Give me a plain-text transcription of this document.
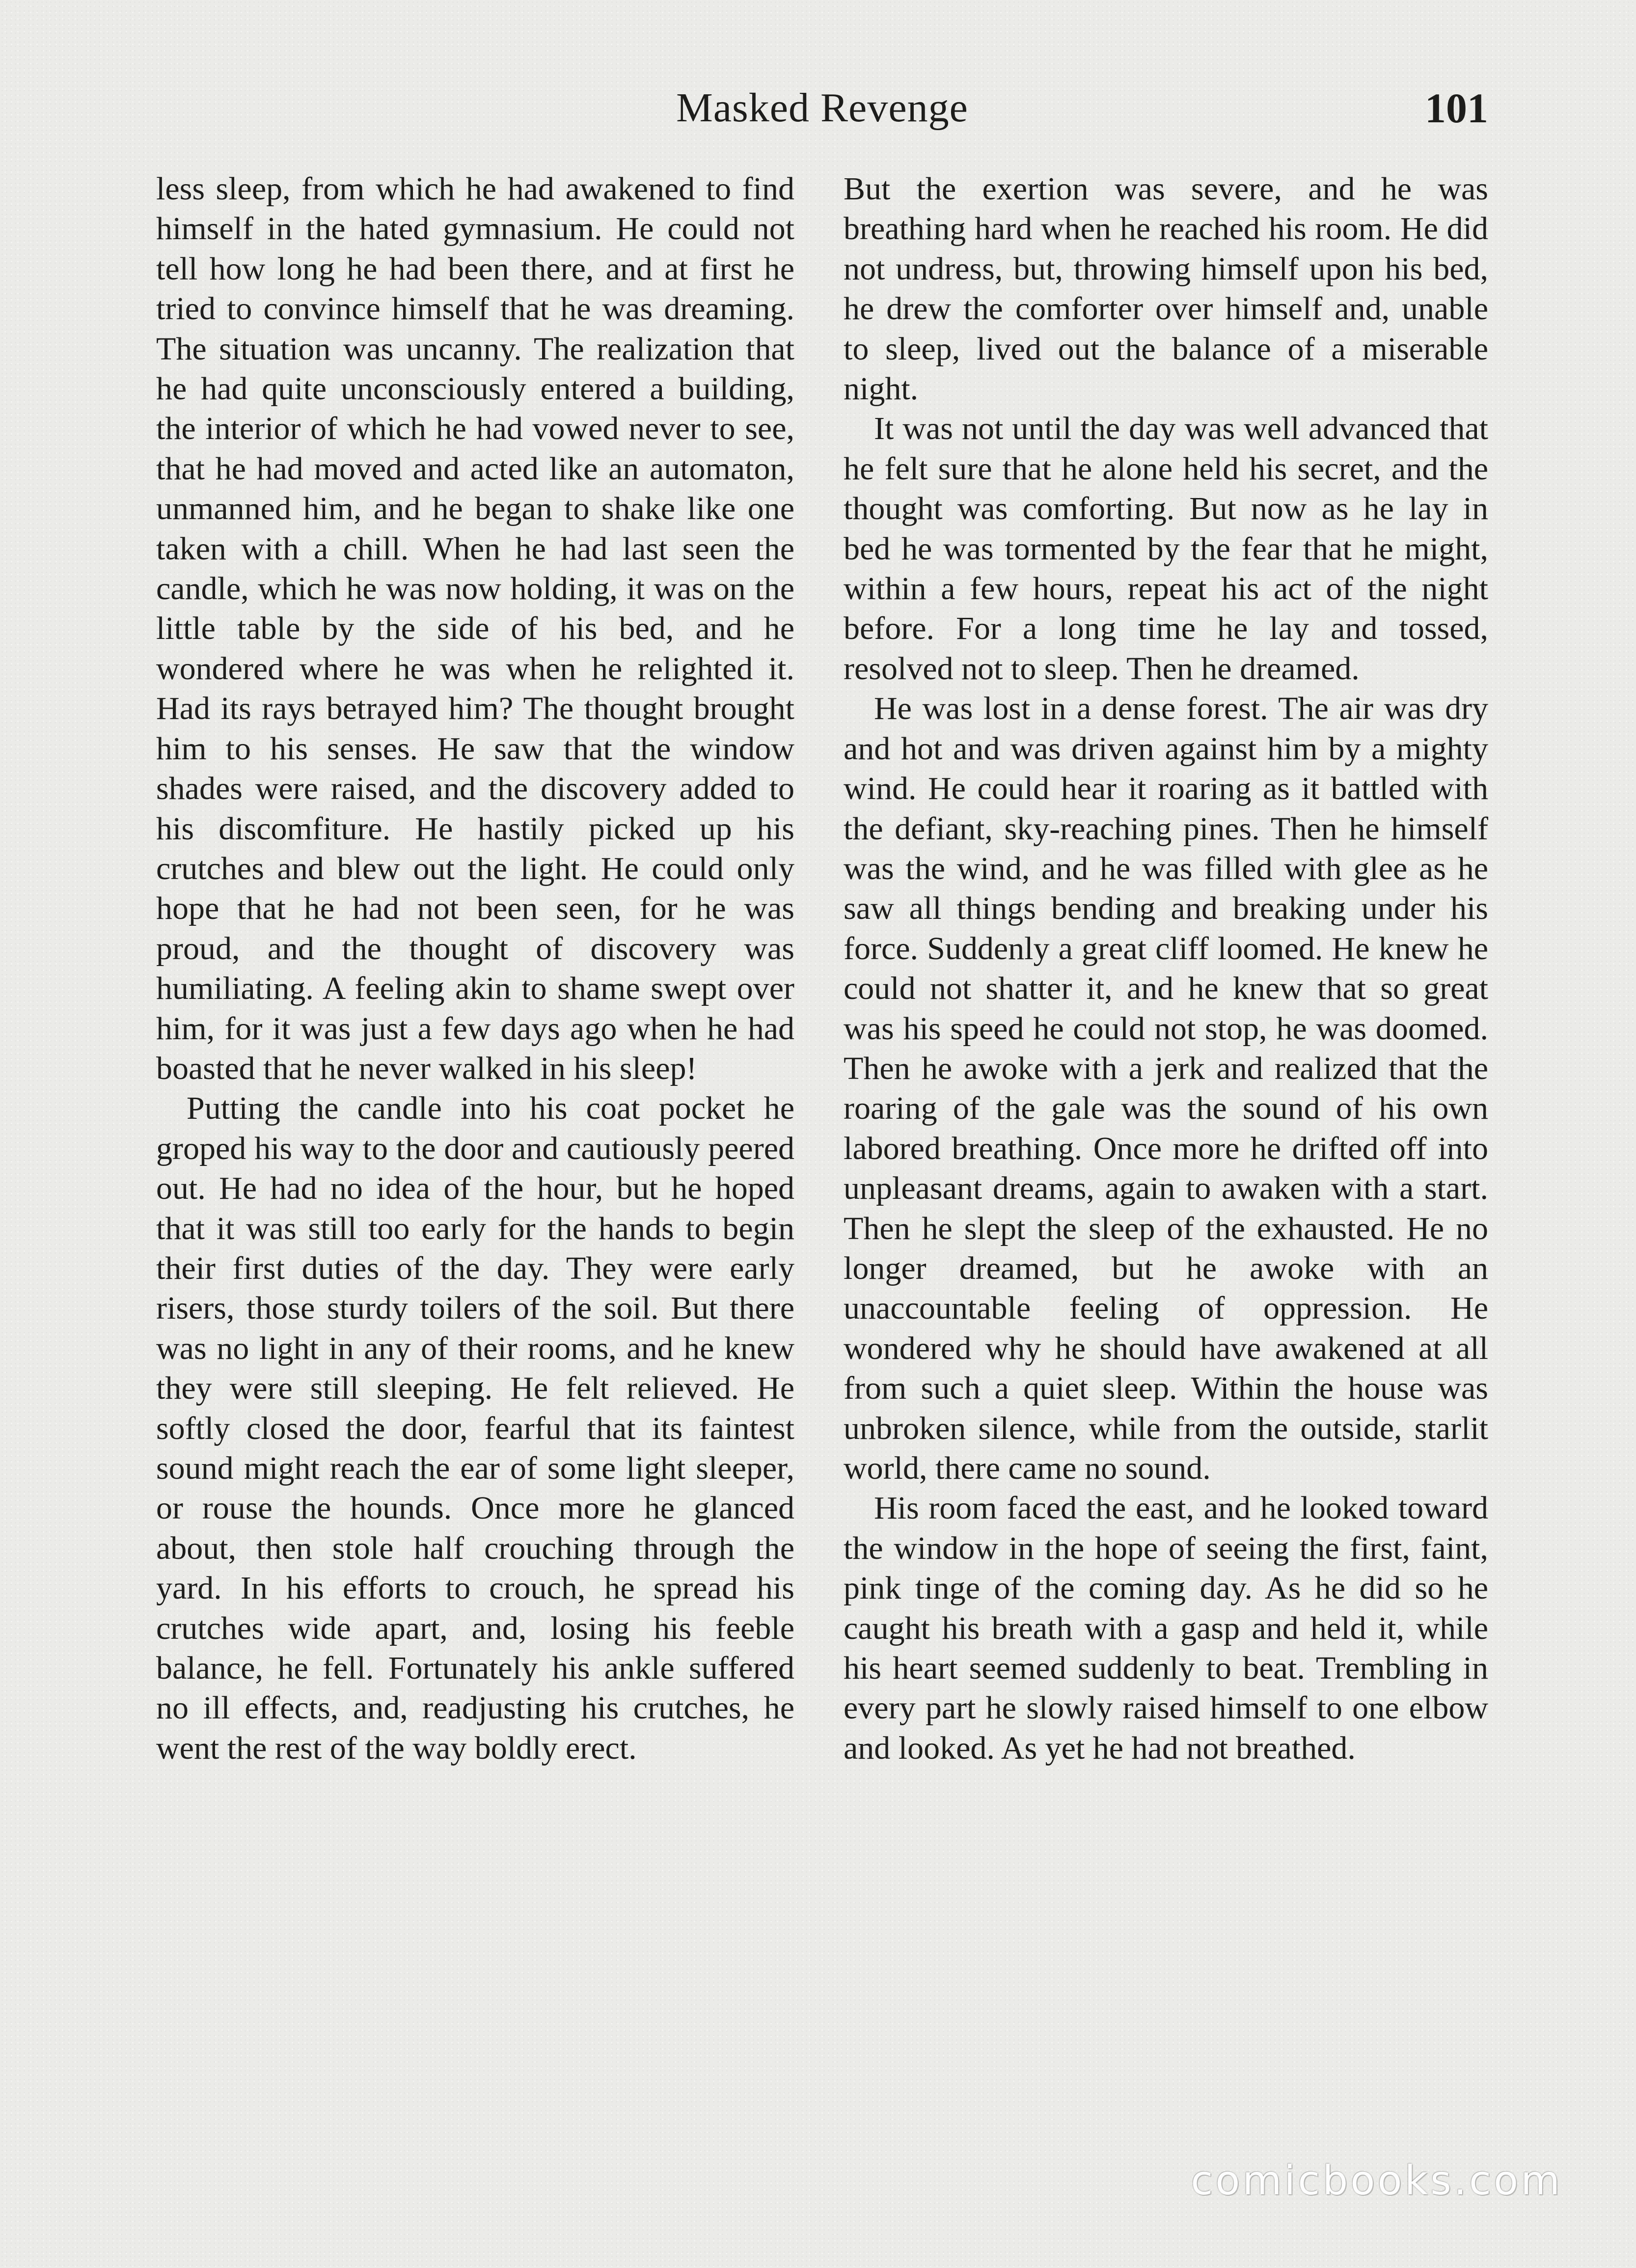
Masked Revenge	101

less sleep, from which he had awakened to find himself in the hated gymnasium. He could not tell how long he had been there, and at first he tried to convince himself that he was dreaming. The situation was uncanny. The realization that he had quite unconsciously entered a building, the interior of which he had vowed never to see, that he had moved and acted like an automaton, unmanned him, and he began to shake like one taken with a chill. When he had last seen the candle, which he was now holding, it was on the little table by the side of his bed, and he wondered where he was when he relighted it. Had its rays betrayed him? The thought brought him to his senses. He saw that the window shades were raised, and the discovery added to his discomfiture. He hastily picked up his crutches and blew out the light. He could only hope that he had not been seen, for he was proud, and the thought of discovery was humiliating. A feeling akin to shame swept over him, for it was just a few days ago when he had boasted that he never walked in his sleep!

Putting the candle into his coat pocket he groped his way to the door and cautiously peered out. He had no idea of the hour, but he hoped that it was still too early for the hands to begin their first duties of the day. They were early risers, those sturdy toilers of the soil. But there was no light in any of their rooms, and he knew they were still sleeping. He felt relieved. He softly closed the door, fearful that its faintest sound might reach the ear of some light sleeper, or rouse the hounds. Once more he glanced about, then stole half crouching through the yard. In his efforts to crouch, he spread his crutches wide apart, and, losing his feeble balance, he fell. Fortunately his ankle suffered no ill effects, and, readjusting his crutches, he went the rest of the way boldly erect.

But the exertion was severe, and he was breathing hard when he reached his room. He did not undress, but, throwing himself upon his bed, he drew the comforter over himself and, unable to sleep, lived out the balance of a miserable night.

It was not until the day was well advanced that he felt sure that he alone held his secret, and the thought was comforting. But now as he lay in bed he was tormented by the fear that he might, within a few hours, repeat his act of the night before. For a long time he lay and tossed, resolved not to sleep. Then he dreamed.

He was lost in a dense forest. The air was dry and hot and was driven against him by a mighty wind. He could hear it roaring as it battled with the defiant, sky-reaching pines. Then he himself was the wind, and he was filled with glee as he saw all things bending and breaking under his force. Suddenly a great cliff loomed. He knew he could not shatter it, and he knew that so great was his speed he could not stop, he was doomed. Then he awoke with a jerk and realized that the roaring of the gale was the sound of his own labored breathing. Once more he drifted off into unpleasant dreams, again to awaken with a start. Then he slept the sleep of the exhausted. He no longer dreamed, but he awoke with an unaccountable feeling of oppression. He wondered why he should have awakened at all from such a quiet sleep. Within the house was unbroken silence, while from the outside, starlit world, there came no sound.

His room faced the east, and he looked toward the window in the hope of seeing the first, faint, pink tinge of the coming day. As he did so he caught his breath with a gasp and held it, while his heart seemed suddenly to beat. Trembling in every part he slowly raised himself to one elbow and looked. As yet he had not breathed.

comicbooks.com
